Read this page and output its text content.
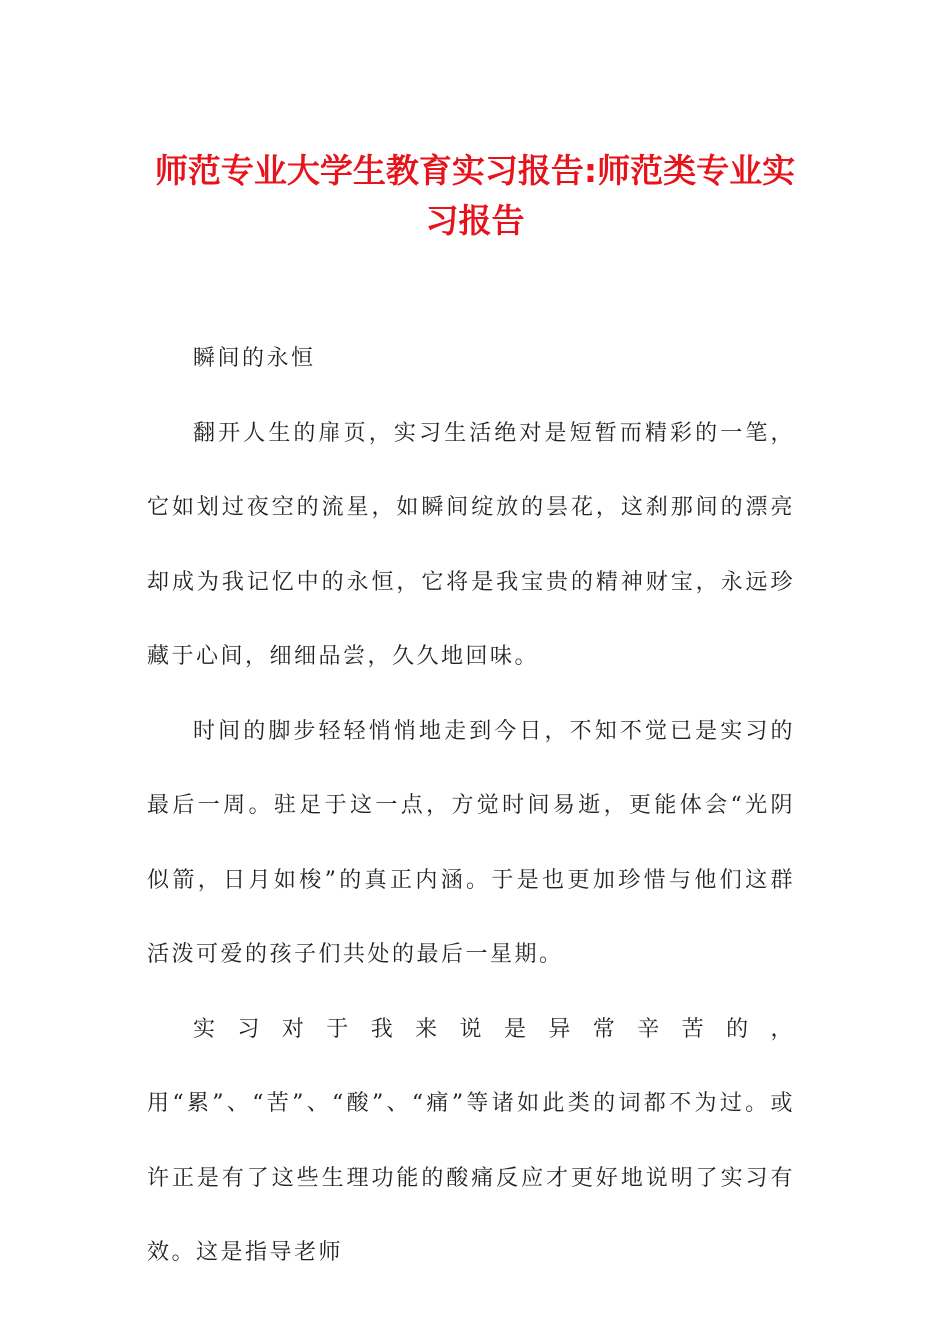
师范专业大学生教育实习报告:师范类专业实习报告

瞬间的永恒

翻开人生的扉页，实习生活绝对是短暂而精彩的一笔，它如划过夜空的流星，如瞬间绽放的昙花，这刹那间的漂亮却成为我记忆中的永恒，它将是我宝贵的精神财宝，永远珍藏于心间，细细品尝，久久地回味。

时间的脚步轻轻悄悄地走到今日，不知不觉已是实习的最后一周。驻足于这一点，方觉时间易逝，更能体会“光阴似箭，日月如梭”的真正内涵。于是也更加珍惜与他们这群活泼可爱的孩子们共处的最后一星期。

实习对于我来说是异常辛苦的，用“累”、“苦”、“酸”、“痛”等诸如此类的词都不为过。或许正是有了这些生理功能的酸痛反应才更好地说明了实习有效。这是指导老师
